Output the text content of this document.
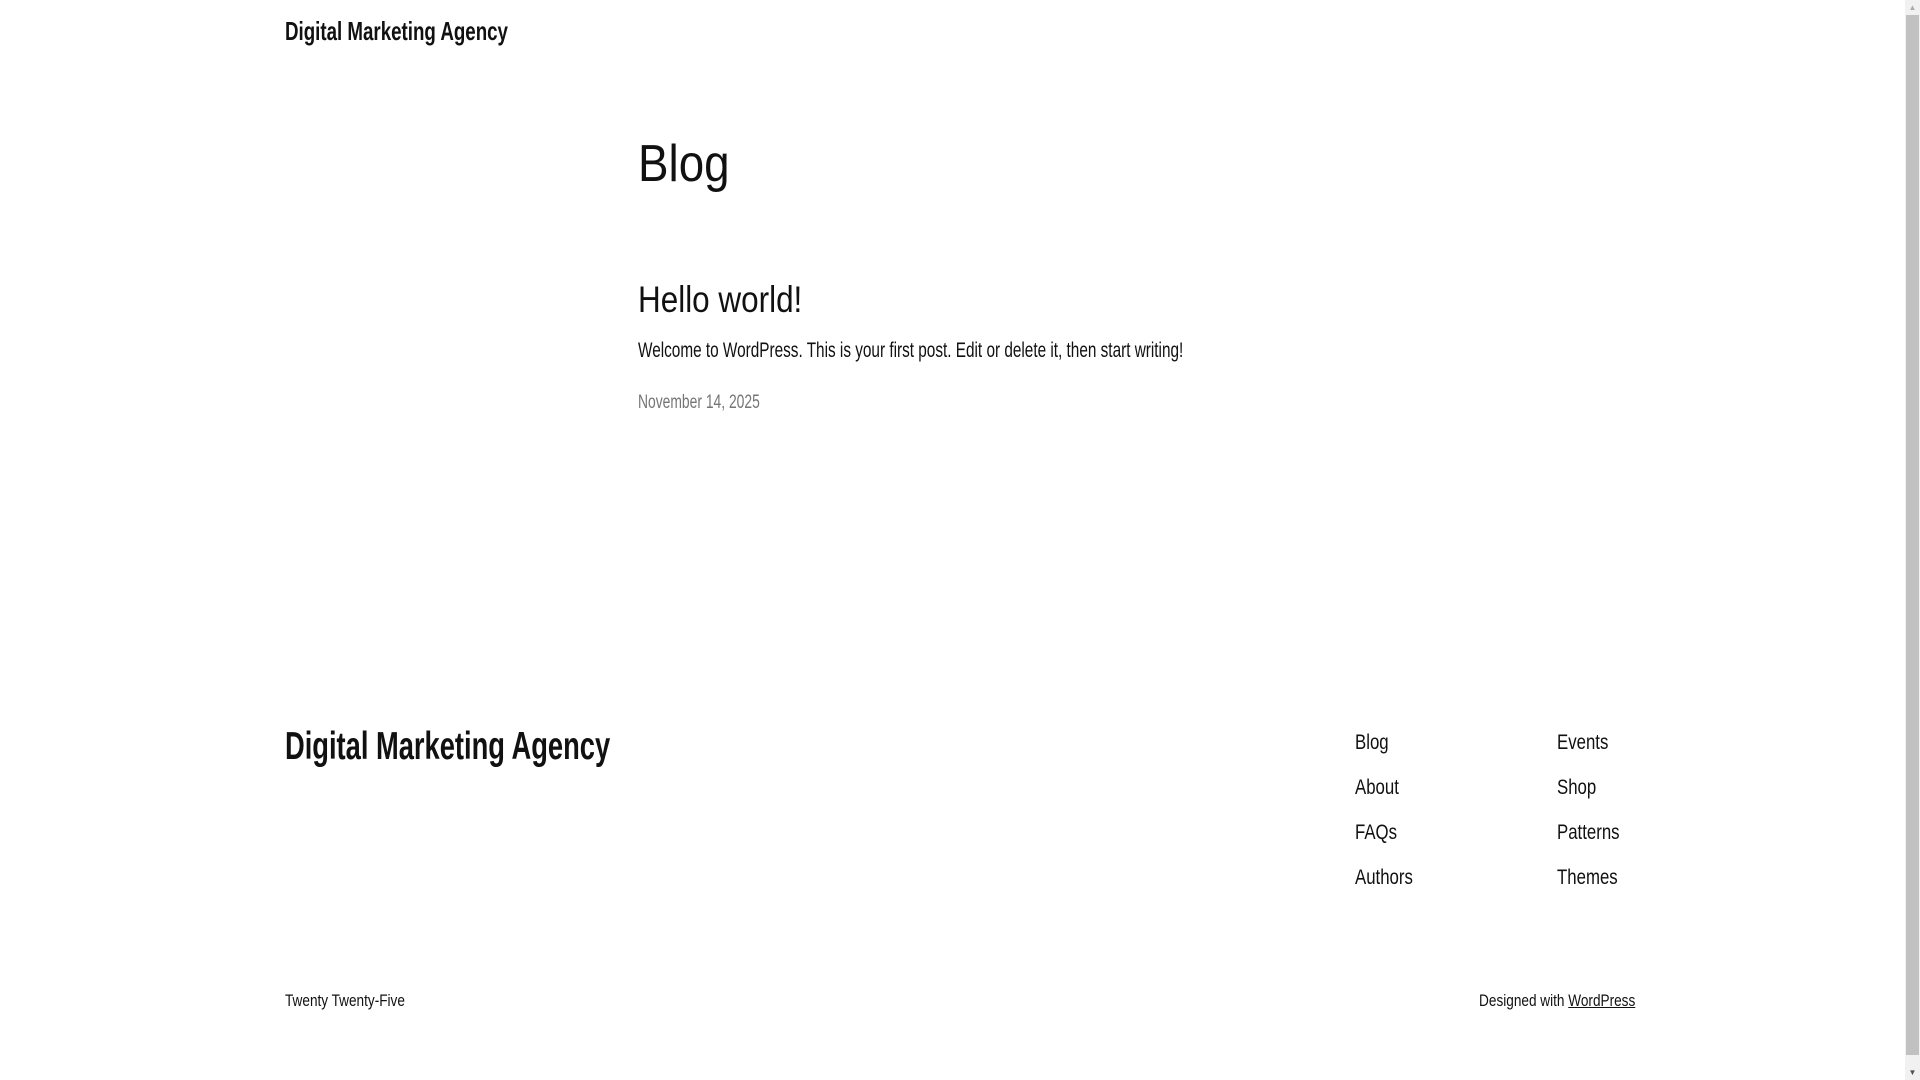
Digital Marketing Agency
Blog
Hello world!

Welcome to WordPress. This is your first post. Edit or delete it, then start writing!

November 14, 2025
Digital Marketing Agency	Blog
About
FAQs
Authors
Events
Shop
Patterns
Themes
Twenty Twenty-Five	Designed with WordPress
▲
▼
